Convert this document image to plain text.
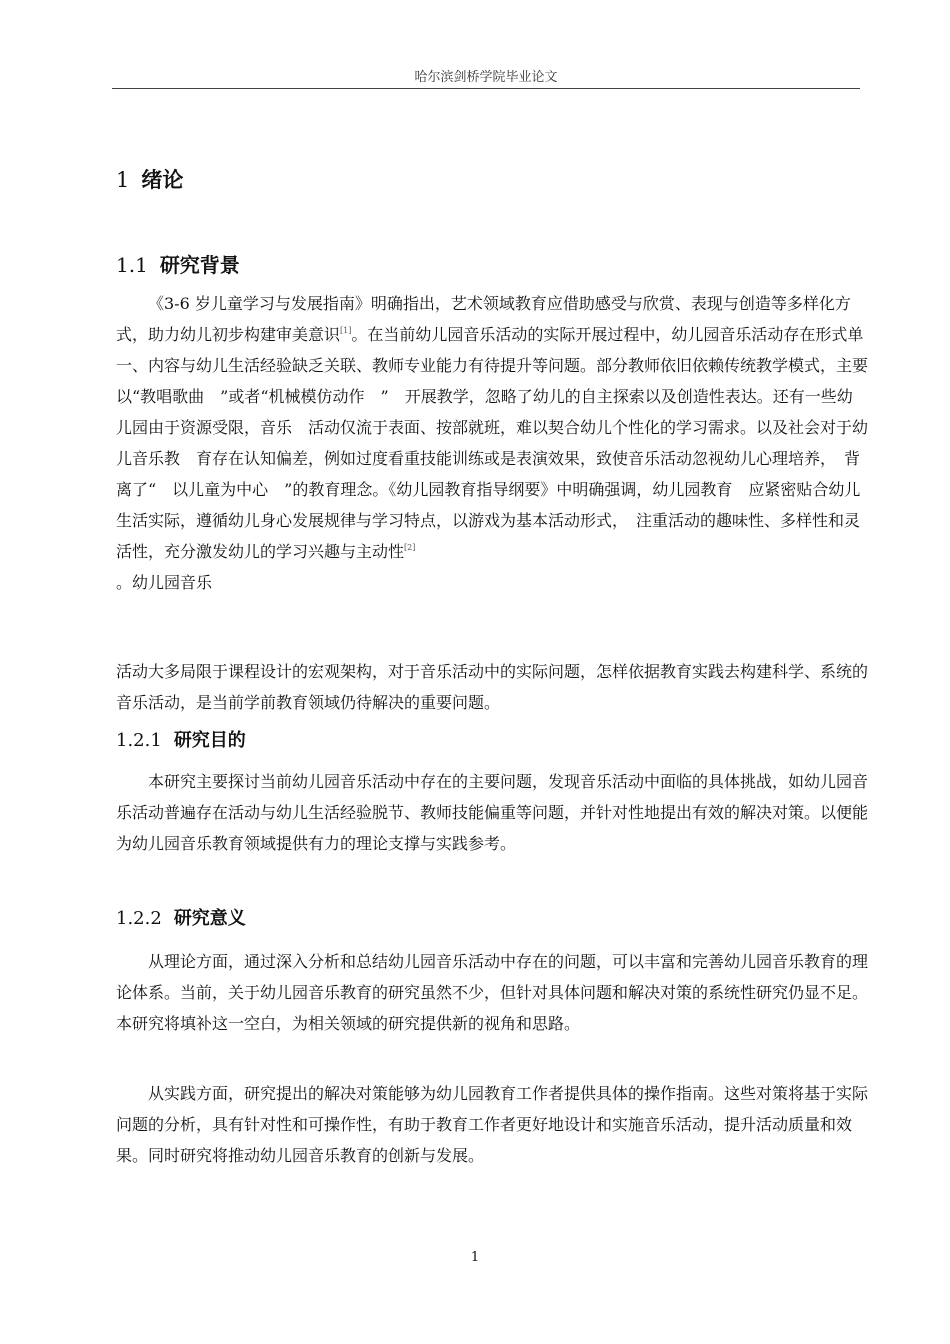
哈尔滨剑桥学院毕业论文
1 绪论
1.1 研究背景
《3-6 岁儿童学习与发展指南》明确指出，艺术领域教育应借助感受与欣赏、表现与创造等多样化方式，助力幼儿初步构建审美意识[1]。在当前幼儿园音乐活动的实际开展过程中，幼儿园音乐活动存在形式单一、内容与幼儿生活经验缺乏关联、教师专业能力有待提升等问题。部分教师依旧依赖传统教学模式，主要以“教唱歌曲　”或者“机械模仿动作　”　开展教学，忽略了幼儿的自主探索以及创造性表达。还有一些幼儿园由于资源受限，音乐　活动仅流于表面、按部就班，难以契合幼儿个性化的学习需求。以及社会对于幼儿音乐教　育存在认知偏差，例如过度看重技能训练或是表演效果，致使音乐活动忽视幼儿心理培养，　背离了“　以儿童为中心　”的教育理念。《幼儿园教育指导纲要》中明确强调，幼儿园教育　应紧密贴合幼儿生活实际，遵循幼儿身心发展规律与学习特点，以游戏为基本活动形式，　注重活动的趣味性、多样性和灵活性，充分激发幼儿的学习兴趣与主动性[2]
。幼儿园音乐
活动大多局限于课程设计的宏观架构，对于音乐活动中的实际问题，怎样依据教育实践去构建科学、系统的音乐活动，是当前学前教育领域仍待解决的重要问题。
1.2.1 研究目的
本研究主要探讨当前幼儿园音乐活动中存在的主要问题，发现音乐活动中面临的具体挑战，如幼儿园音乐活动普遍存在活动与幼儿生活经验脱节、教师技能偏重等问题，并针对性地提出有效的解决对策。以便能为幼儿园音乐教育领域提供有力的理论支撑与实践参考。
1.2.2 研究意义
从理论方面，通过深入分析和总结幼儿园音乐活动中存在的问题，可以丰富和完善幼儿园音乐教育的理论体系。当前，关于幼儿园音乐教育的研究虽然不少，但针对具体问题和解决对策的系统性研究仍显不足。本研究将填补这一空白，为相关领域的研究提供新的视角和思路。
从实践方面，研究提出的解决对策能够为幼儿园教育工作者提供具体的操作指南。这些对策将基于实际问题的分析，具有针对性和可操作性，有助于教育工作者更好地设计和实施音乐活动，提升活动质量和效果。同时研究将推动幼儿园音乐教育的创新与发展。
1
